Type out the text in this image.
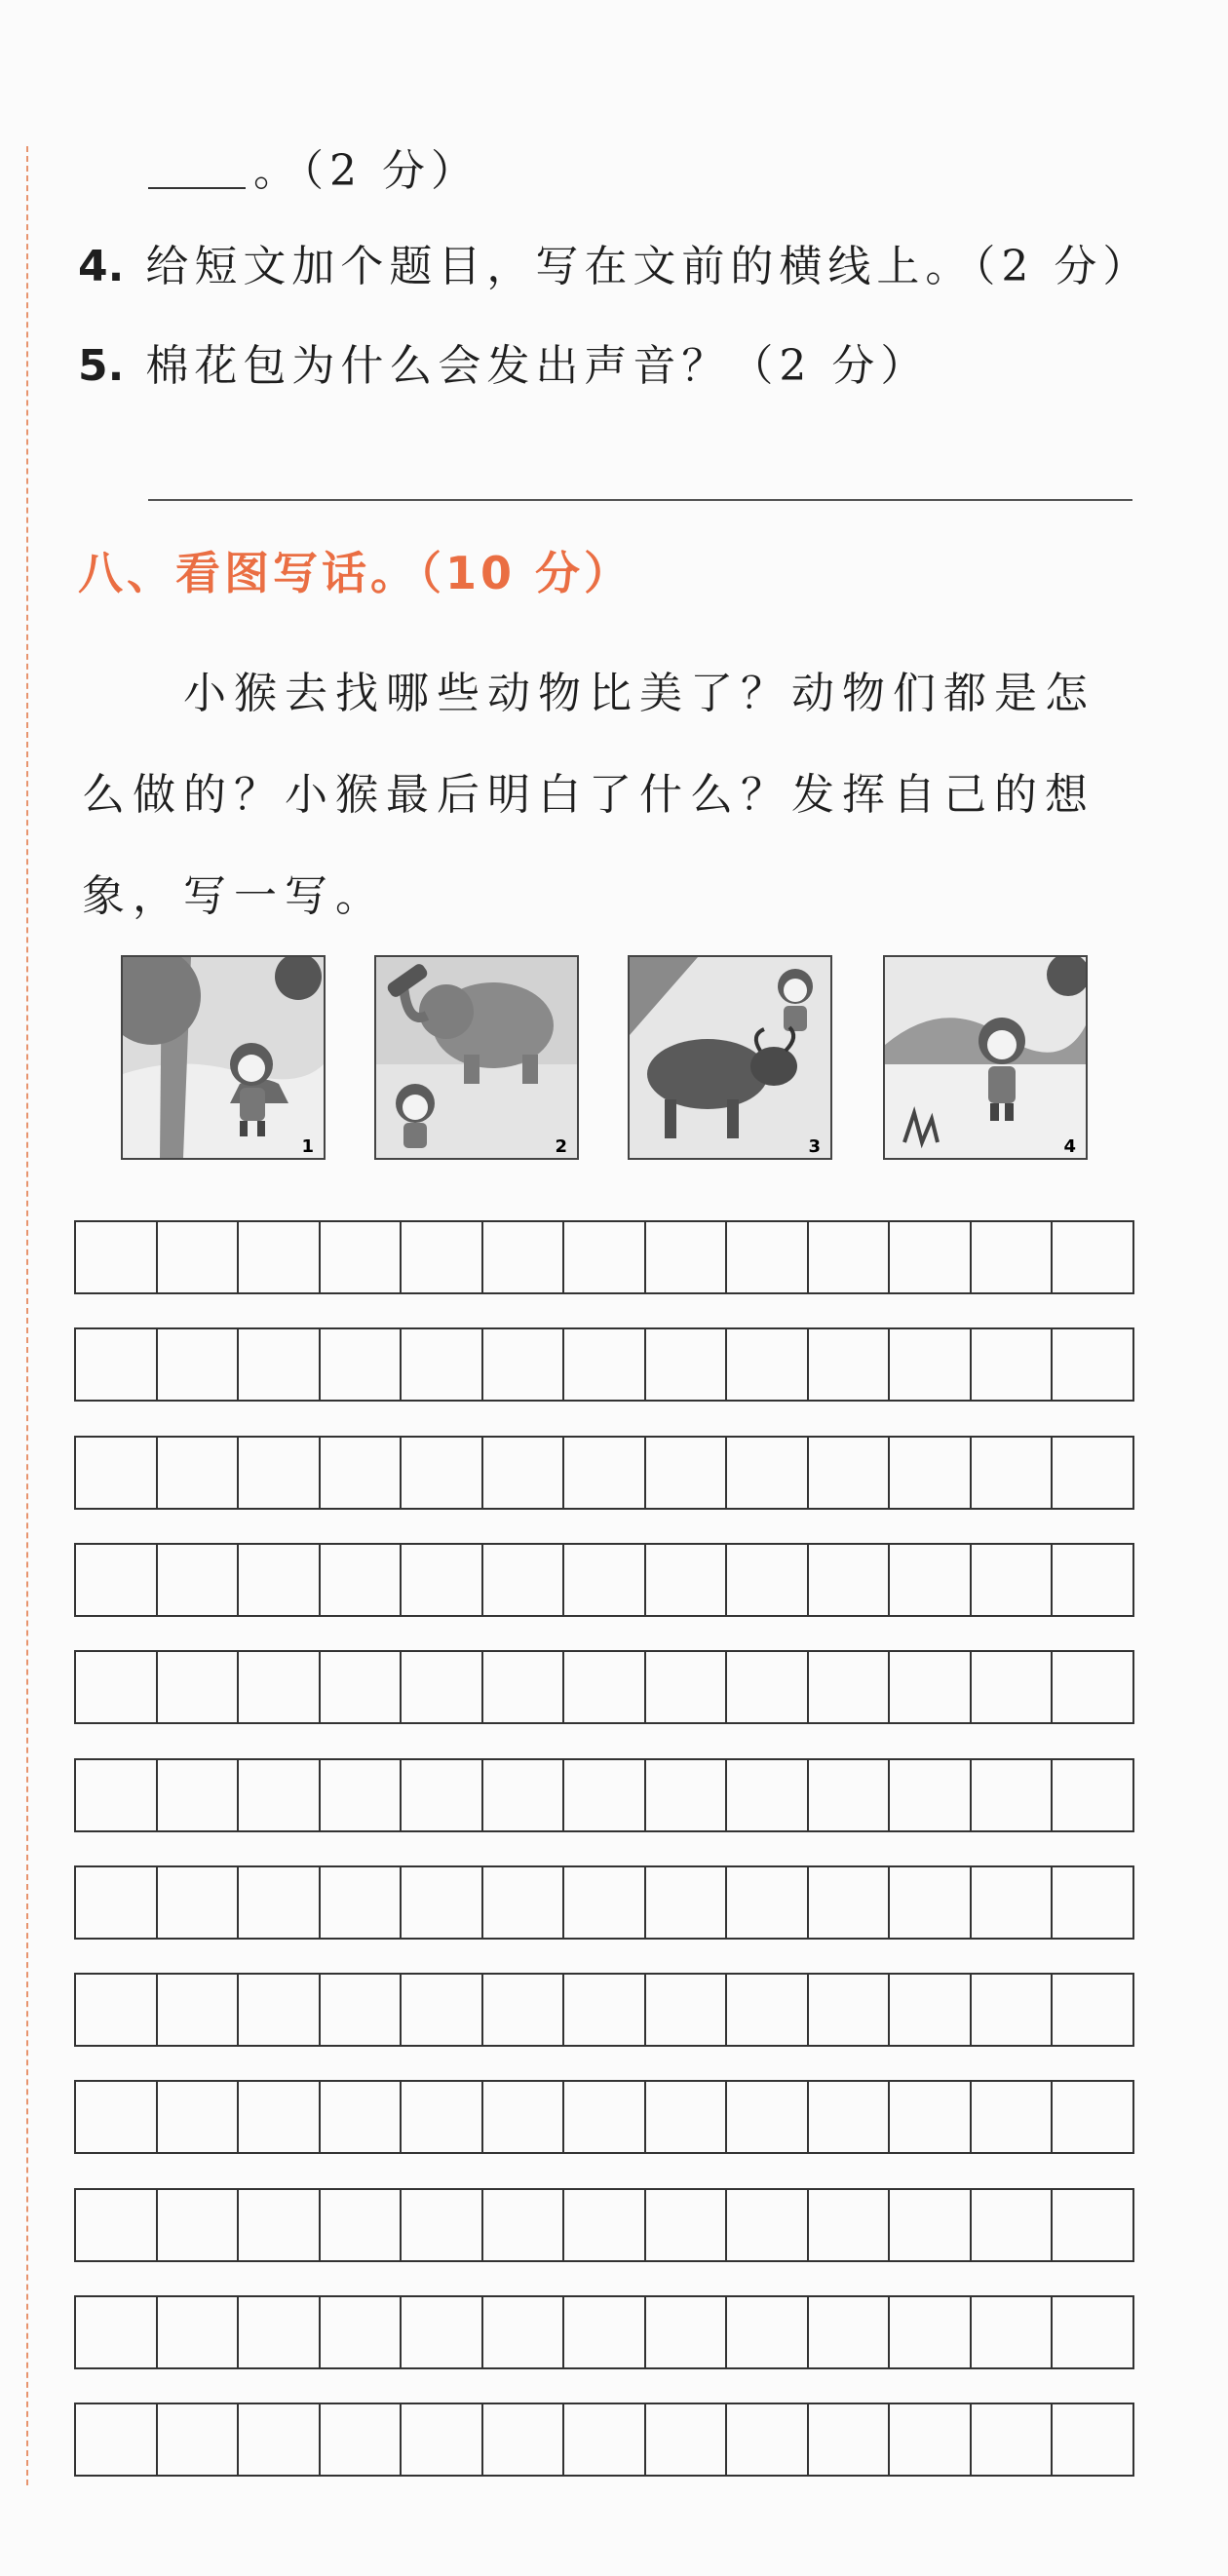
。（2 分）
4. 给短文加个题目，写在文前的横线上。（2 分）
5. 棉花包为什么会发出声音？（2 分）
八、看图写话。（10 分）
小猴去找哪些动物比美了？动物们都是怎么做的？小猴最后明白了什么？发挥自己的想象，写一写。
1	2	3	4
